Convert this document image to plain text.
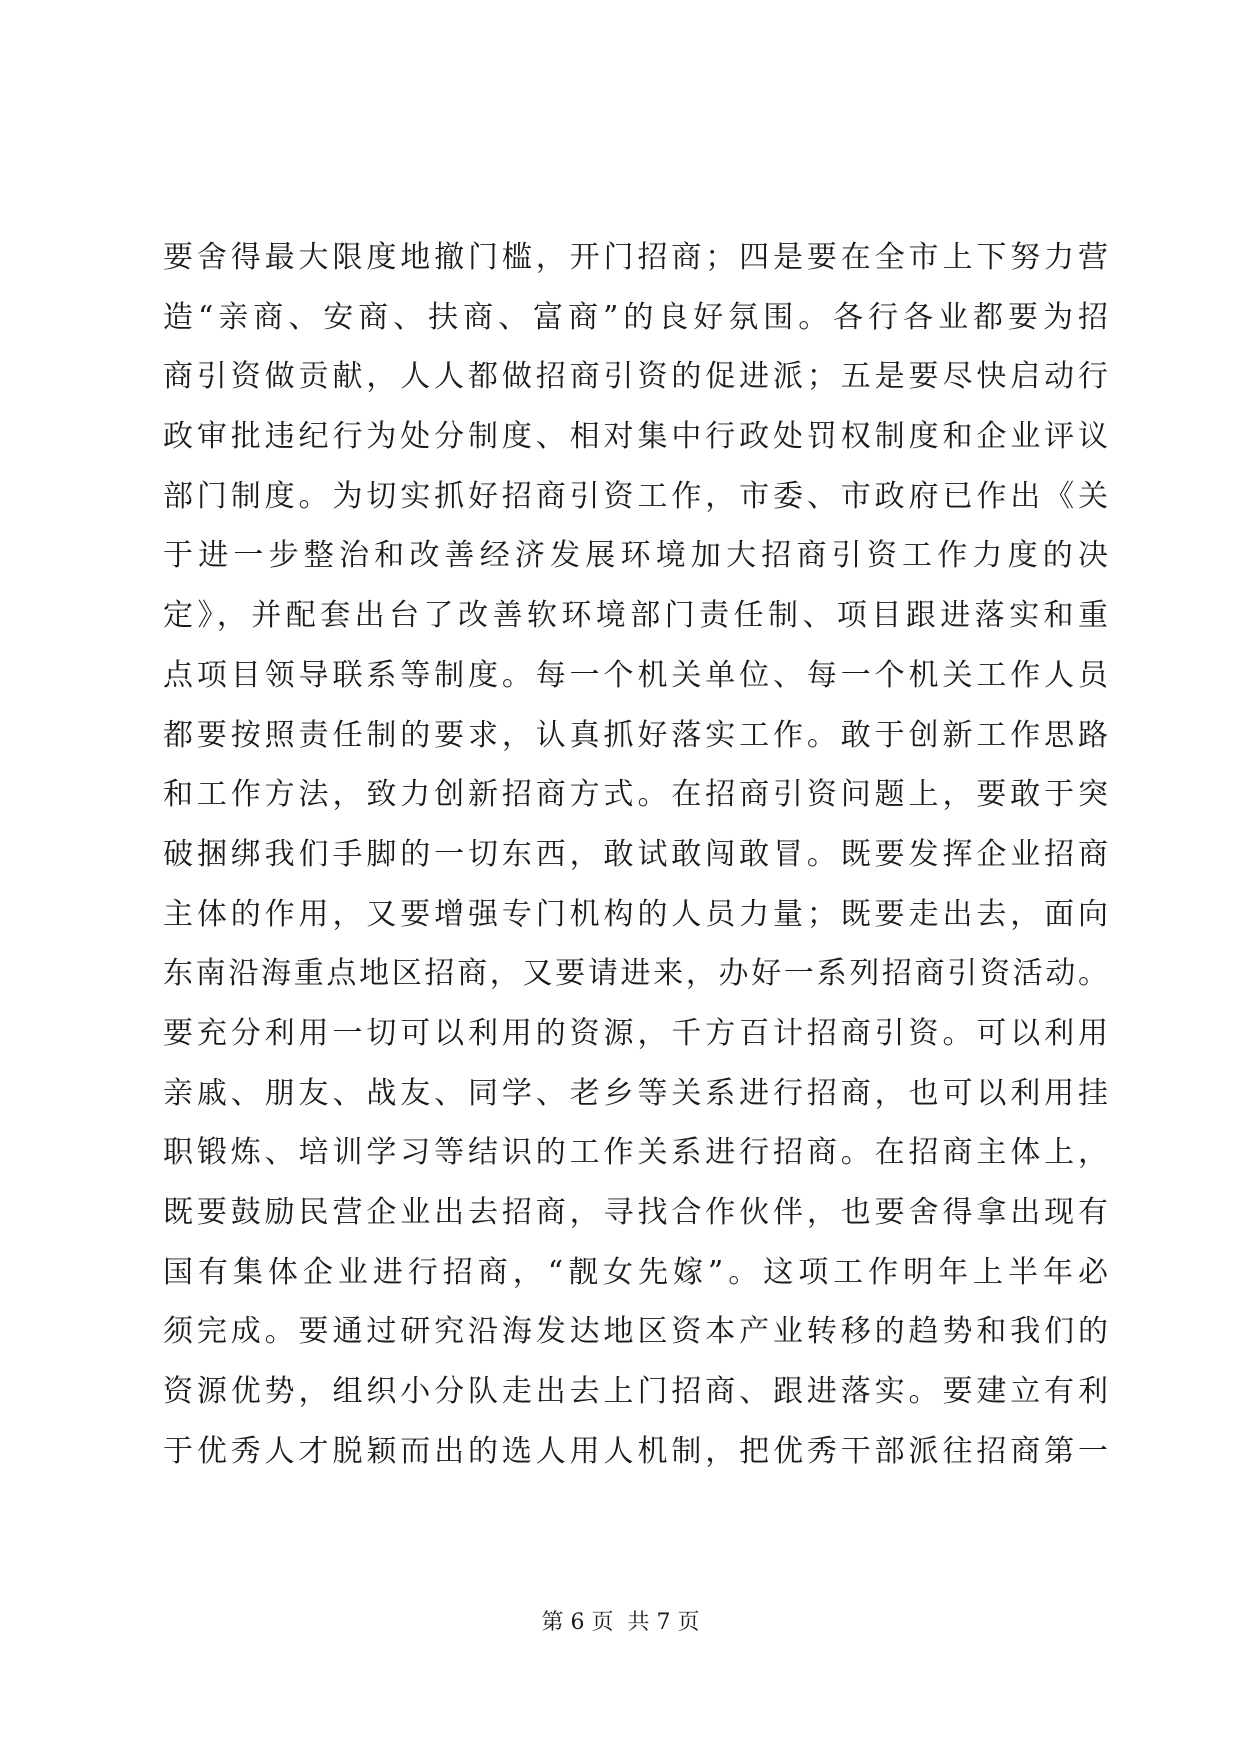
要舍得最大限度地撤门槛，开门招商；四是要在全市上下努力营
造“亲商、安商、扶商、富商”的良好氛围。各行各业都要为招
商引资做贡献，人人都做招商引资的促进派；五是要尽快启动行
政审批违纪行为处分制度、相对集中行政处罚权制度和企业评议
部门制度。为切实抓好招商引资工作，市委、市政府已作出《关
于进一步整治和改善经济发展环境加大招商引资工作力度的决
定》，并配套出台了改善软环境部门责任制、项目跟进落实和重
点项目领导联系等制度。每一个机关单位、每一个机关工作人员
都要按照责任制的要求，认真抓好落实工作。敢于创新工作思路
和工作方法，致力创新招商方式。在招商引资问题上，要敢于突
破捆绑我们手脚的一切东西，敢试敢闯敢冒。既要发挥企业招商
主体的作用，又要增强专门机构的人员力量；既要走出去，面向
东南沿海重点地区招商，又要请进来，办好一系列招商引资活动。
要充分利用一切可以利用的资源，千方百计招商引资。可以利用
亲戚、朋友、战友、同学、老乡等关系进行招商，也可以利用挂
职锻炼、培训学习等结识的工作关系进行招商。在招商主体上，
既要鼓励民营企业出去招商，寻找合作伙伴，也要舍得拿出现有
国有集体企业进行招商，“靓女先嫁”。这项工作明年上半年必
须完成。要通过研究沿海发达地区资本产业转移的趋势和我们的
资源优势，组织小分队走出去上门招商、跟进落实。要建立有利
于优秀人才脱颖而出的选人用人机制，把优秀干部派往招商第一
第 6 页  共 7 页
